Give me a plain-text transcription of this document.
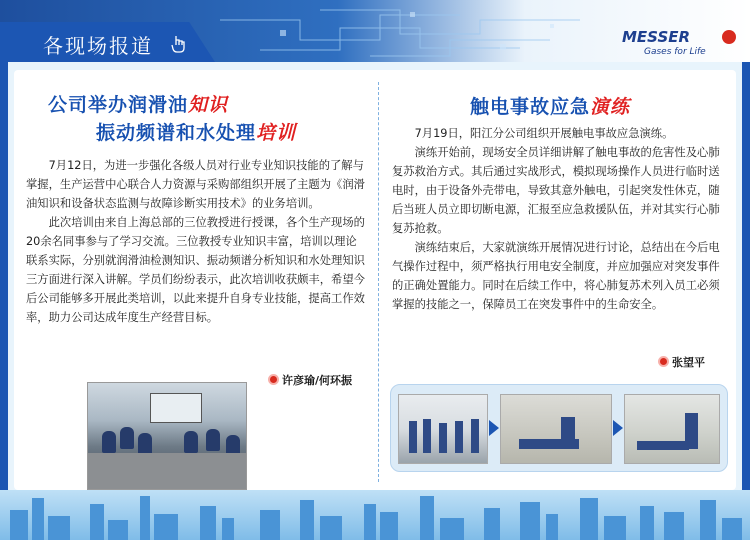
各现场报道	MESSER
Gases for Life
公司举办润滑油知识
振动频谱和水处理培训

7月12日，为进一步强化各级人员对行业专业知识技能的了解与掌握，生产运营中心联合人力资源与采购部组织开展了主题为《润滑油知识和设备状态监测与故障诊断实用技术》的业务培训。

此次培训由来自上海总部的三位教授进行授课，各个生产现场的20余名同事参与了学习交流。三位教授专业知识丰富，培训以理论联系实际，分别就润滑油检测知识、振动频谱分析知识和水处理知识三方面进行深入讲解。学员们纷纷表示，此次培训收获颇丰，希望今后公司能够多开展此类培训，以此来提升自身专业技能，提高工作效率，助力公司达成年度生产经营目标。

许彦瑜/何环振
触电事故应急演练

7月19日，阳江分公司组织开展触电事故应急演练。

演练开始前，现场安全员详细讲解了触电事故的危害性及心肺复苏救治方式。其后通过实战形式，模拟现场操作人员进行临时送电时，由于设备外壳带电，导致其意外触电，引起突发性休克，随后当班人员立即切断电源，汇报至应急救援队伍，并对其实行心肺复苏抢救。

演练结束后，大家就演练开展情况进行讨论，总结出在今后电气操作过程中，须严格执行用电安全制度，并应加强应对突发事件的正确处置能力。同时在后续工作中，将心肺复苏术列入员工必须掌握的技能之一，保障员工在突发事件中的生命安全。

张望平
